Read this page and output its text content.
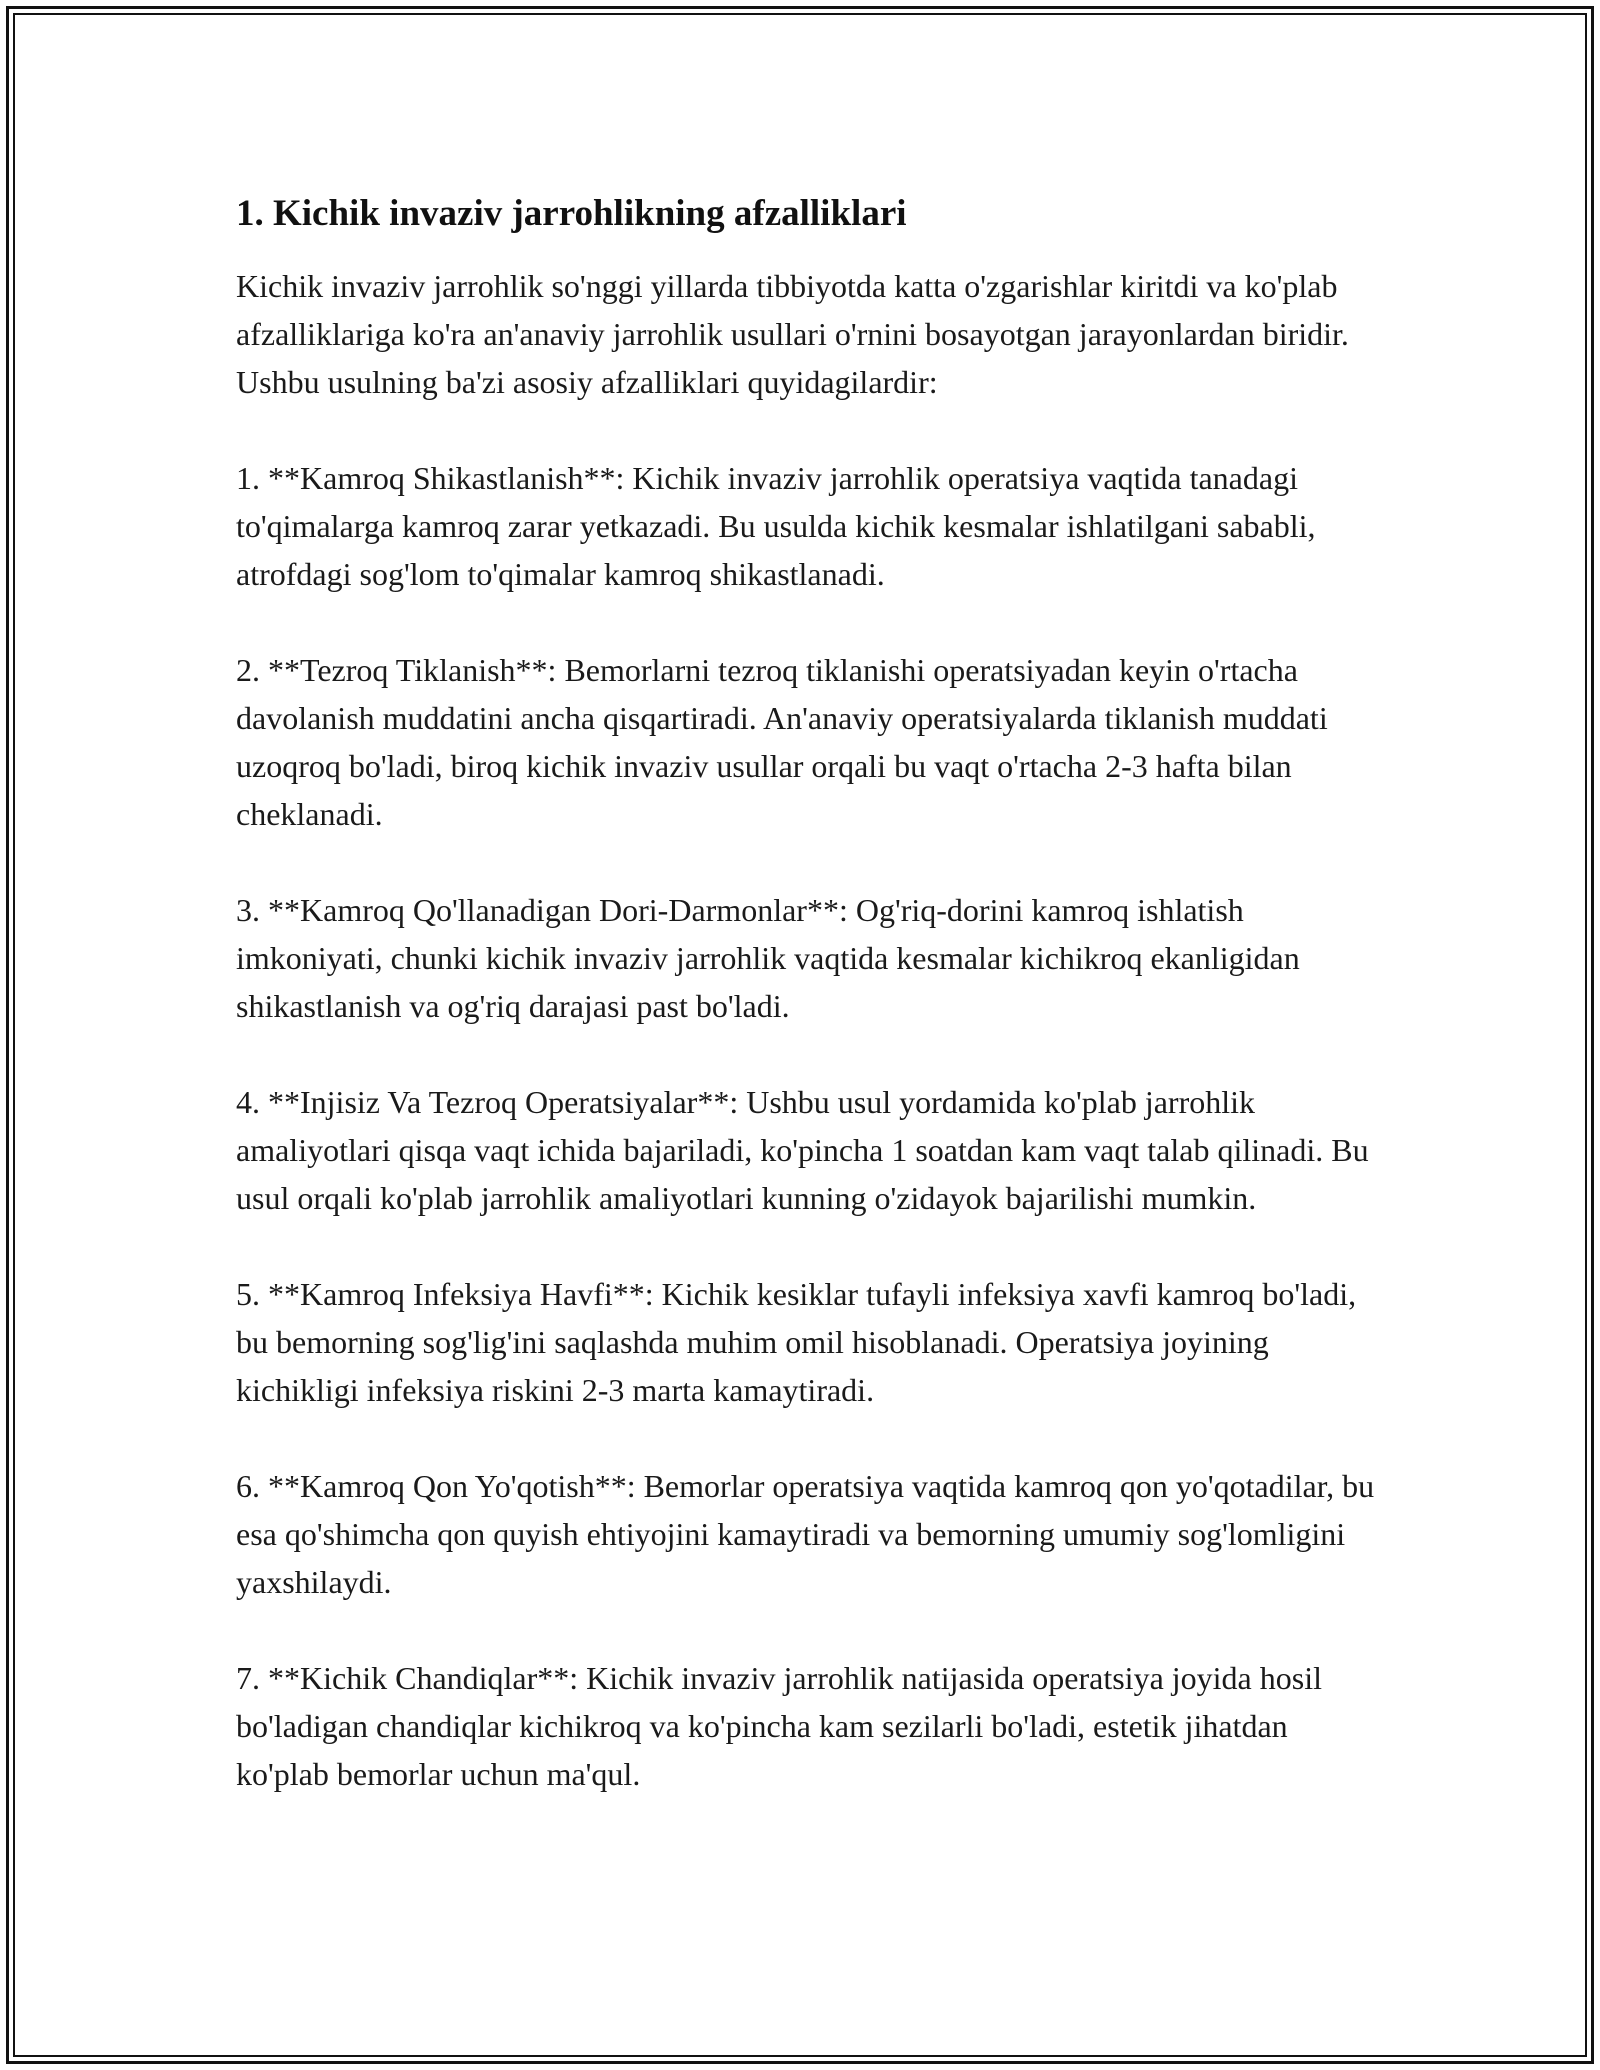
1. Kichik invaziv jarrohlikning afzalliklari

Kichik invaziv jarrohlik so'nggi yillarda tibbiyotda katta o'zgarishlar kiritdi va ko'plab afzalliklariga ko'ra an'anaviy jarrohlik usullari o'rnini bosayotgan jarayonlardan biridir. Ushbu usulning ba'zi asosiy afzalliklari quyidagilardir:

1. **Kamroq Shikastlanish**: Kichik invaziv jarrohlik operatsiya vaqtida tanadagi to'qimalarga kamroq zarar yetkazadi. Bu usulda kichik kesmalar ishlatilgani sababli, atrofdagi sog'lom to'qimalar kamroq shikastlanadi.

2. **Tezroq Tiklanish**: Bemorlarni tezroq tiklanishi operatsiyadan keyin o'rtacha davolanish muddatini ancha qisqartiradi. An'anaviy operatsiyalarda tiklanish muddati uzoqroq bo'ladi, biroq kichik invaziv usullar orqali bu vaqt o'rtacha 2-3 hafta bilan cheklanadi.

3. **Kamroq Qo'llanadigan Dori-Darmonlar**: Og'riq-dorini kamroq ishlatish imkoniyati, chunki kichik invaziv jarrohlik vaqtida kesmalar kichikroq ekanligidan shikastlanish va og'riq darajasi past bo'ladi.

4. **Injisiz Va Tezroq Operatsiyalar**: Ushbu usul yordamida ko'plab jarrohlik amaliyotlari qisqa vaqt ichida bajariladi, ko'pincha 1 soatdan kam vaqt talab qilinadi. Bu usul orqali ko'plab jarrohlik amaliyotlari kunning o'zidayok bajarilishi mumkin.

5. **Kamroq Infeksiya Havfi**: Kichik kesiklar tufayli infeksiya xavfi kamroq bo'ladi, bu bemorning sog'lig'ini saqlashda muhim omil hisoblanadi. Operatsiya joyining kichikligi infeksiya riskini 2-3 marta kamaytiradi.

6. **Kamroq Qon Yo'qotish**: Bemorlar operatsiya vaqtida kamroq qon yo'qotadilar, bu esa qo'shimcha qon quyish ehtiyojini kamaytiradi va bemorning umumiy sog'lomligini yaxshilaydi.

7. **Kichik Chandiqlar**: Kichik invaziv jarrohlik natijasida operatsiya joyida hosil bo'ladigan chandiqlar kichikroq va ko'pincha kam sezilarli bo'ladi, estetik jihatdan ko'plab bemorlar uchun ma'qul.
